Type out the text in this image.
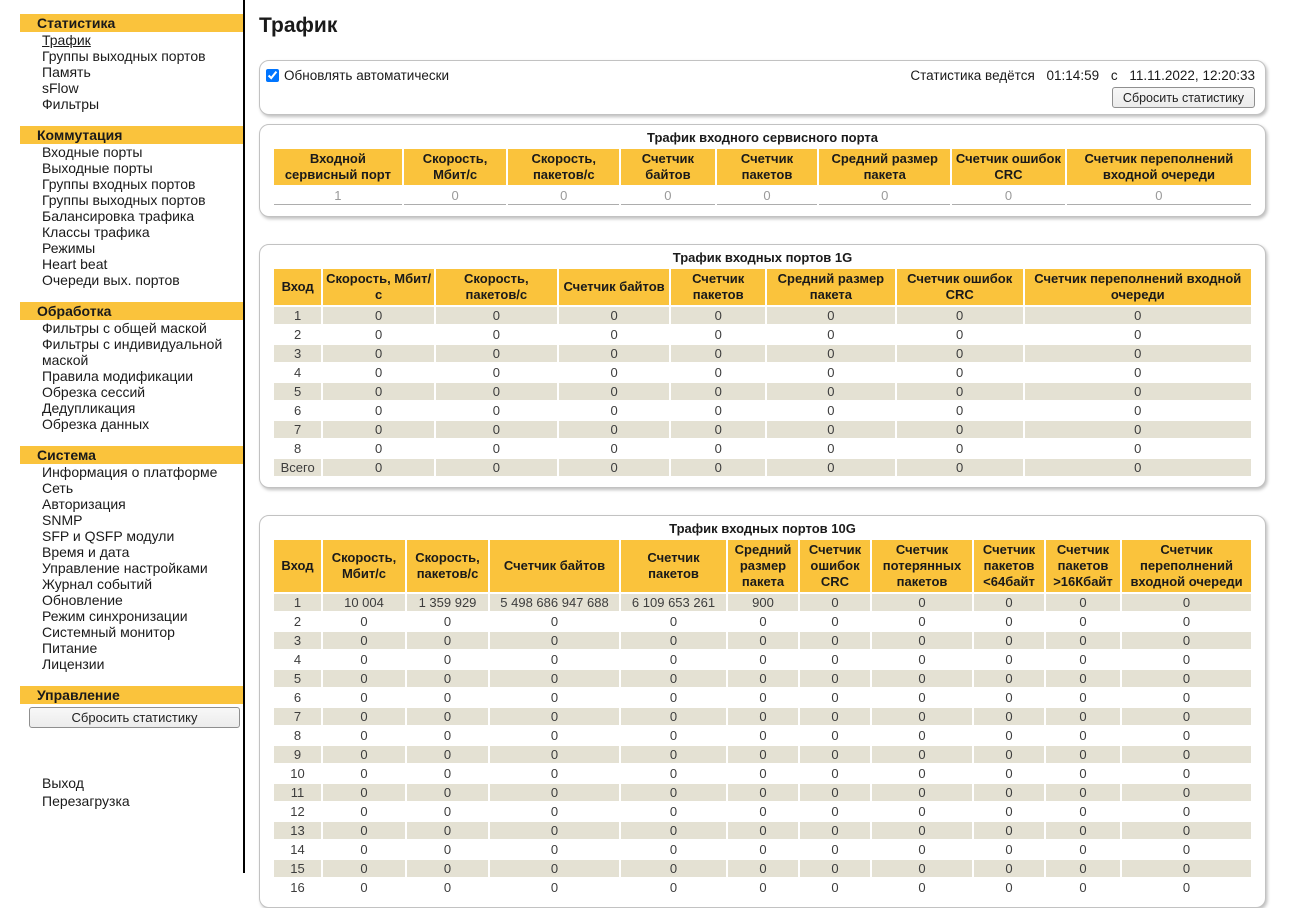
Статистика
Трафик
Группы выходных портов
Память
sFlow
Фильтры
Коммутация
Входные порты
Выходные порты
Группы входных портов
Группы выходных портов
Балансировка трафика
Классы трафика
Режимы
Heart beat
Очереди вых. портов
Обработка
Фильтры с общей маской
Фильтры с индивидуальной маской
Правила модификации
Обрезка сессий
Дедупликация
Обрезка данных
Система
Информация о платформе
Сеть
Авторизация
SNMP
SFP и QSFP модули
Время и дата
Управление настройками
Журнал событий
Обновление
Режим синхронизации
Системный монитор
Питание
Лицензии
Управление
Сбросить статистику
Выход
Перезагрузка
Трафик
Обновлять автоматически	Статистика ведётся 01:14:59 с 11.11.2022, 12:20:33
Сбросить статистику
Трафик входного сервисного порта
Входной сервисный порт	Скорость, Мбит/с	Скорость, пакетов/с	Счетчик байтов	Счетчик пакетов	Средний размер пакета	Счетчик ошибок CRC	Счетчик переполнений входной очереди
1	0	0	0	0	0	0	0
Трафик входных портов 1G
Вход	Скорость, Мбит/с	Скорость, пакетов/с	Счетчик байтов	Счетчик пакетов	Средний размер пакета	Счетчик ошибок CRC	Счетчик переполнений входной очереди
1	0	0	0	0	0	0	0
2	0	0	0	0	0	0	0
3	0	0	0	0	0	0	0
4	0	0	0	0	0	0	0
5	0	0	0	0	0	0	0
6	0	0	0	0	0	0	0
7	0	0	0	0	0	0	0
8	0	0	0	0	0	0	0
Всего	0	0	0	0	0	0	0
Трафик входных портов 10G
Вход	Скорость, Мбит/с	Скорость, пакетов/с	Счетчик байтов	Счетчик пакетов	Средний размер пакета	Счетчик ошибок CRC	Счетчик потерянных пакетов	Счетчик пакетов <64байт	Счетчик пакетов >16Кбайт	Счетчик переполнений входной очереди
1	10 004	1 359 929	5 498 686 947 688	6 109 653 261	900	0	0	0	0	0
2	0	0	0	0	0	0	0	0	0	0
3	0	0	0	0	0	0	0	0	0	0
4	0	0	0	0	0	0	0	0	0	0
5	0	0	0	0	0	0	0	0	0	0
6	0	0	0	0	0	0	0	0	0	0
7	0	0	0	0	0	0	0	0	0	0
8	0	0	0	0	0	0	0	0	0	0
9	0	0	0	0	0	0	0	0	0	0
10	0	0	0	0	0	0	0	0	0	0
11	0	0	0	0	0	0	0	0	0	0
12	0	0	0	0	0	0	0	0	0	0
13	0	0	0	0	0	0	0	0	0	0
14	0	0	0	0	0	0	0	0	0	0
15	0	0	0	0	0	0	0	0	0	0
16	0	0	0	0	0	0	0	0	0	0
